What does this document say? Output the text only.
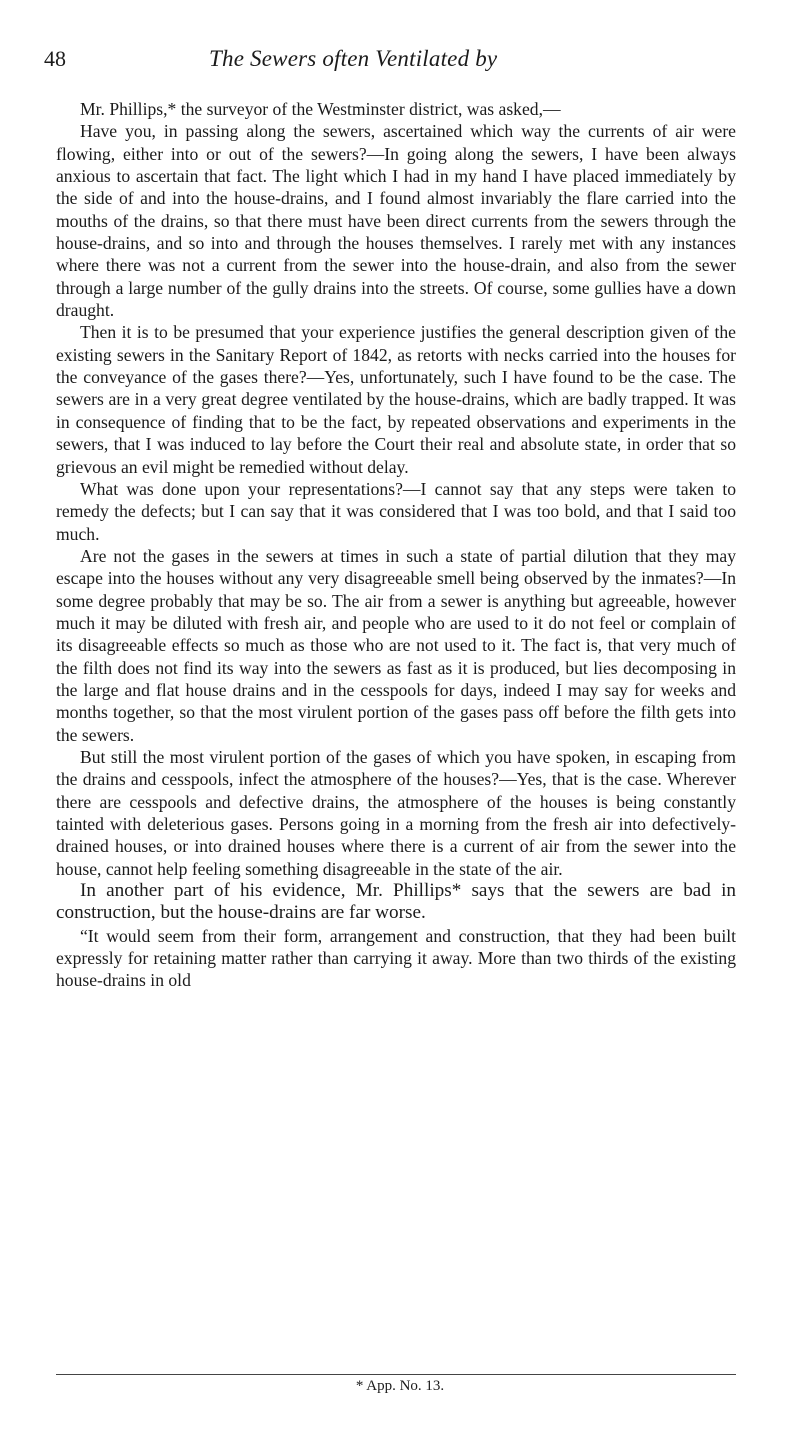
48	The Sewers often Ventilated by

Mr. Phillips,* the surveyor of the Westminster district, was asked,—

Have you, in passing along the sewers, ascertained which way the currents of air were flowing, either into or out of the sewers?—In going along the sewers, I have been always anxious to ascertain that fact. The light which I had in my hand I have placed immediately by the side of and into the house-drains, and I found almost invariably the flare carried into the mouths of the drains, so that there must have been direct currents from the sewers through the house-drains, and so into and through the houses themselves. I rarely met with any instances where there was not a current from the sewer into the house-drain, and also from the sewer through a large number of the gully drains into the streets. Of course, some gullies have a down draught.

Then it is to be presumed that your experience justifies the general description given of the existing sewers in the Sanitary Report of 1842, as retorts with necks carried into the houses for the conveyance of the gases there?—Yes, unfortunately, such I have found to be the case. The sewers are in a very great degree ventilated by the house-drains, which are badly trapped. It was in consequence of finding that to be the fact, by repeated observations and experiments in the sewers, that I was induced to lay before the Court their real and absolute state, in order that so grievous an evil might be remedied without delay.

What was done upon your representations?—I cannot say that any steps were taken to remedy the defects; but I can say that it was considered that I was too bold, and that I said too much.

Are not the gases in the sewers at times in such a state of partial dilution that they may escape into the houses without any very disagreeable smell being observed by the inmates?—In some degree probably that may be so. The air from a sewer is anything but agreeable, however much it may be diluted with fresh air, and people who are used to it do not feel or complain of its disagreeable effects so much as those who are not used to it. The fact is, that very much of the filth does not find its way into the sewers as fast as it is produced, but lies decomposing in the large and flat house drains and in the cesspools for days, indeed I may say for weeks and months together, so that the most virulent portion of the gases pass off before the filth gets into the sewers.

But still the most virulent portion of the gases of which you have spoken, in escaping from the drains and cesspools, infect the atmosphere of the houses?—Yes, that is the case. Wherever there are cesspools and defective drains, the atmosphere of the houses is being constantly tainted with deleterious gases. Persons going in a morning from the fresh air into defectively-drained houses, or into drained houses where there is a current of air from the sewer into the house, cannot help feeling something disagreeable in the state of the air.

In another part of his evidence, Mr. Phillips* says that the sewers are bad in construction, but the house-drains are far worse.

“It would seem from their form, arrangement and construction, that they had been built expressly for retaining matter rather than carrying it away. More than two thirds of the existing house-drains in old

* App. No. 13.
